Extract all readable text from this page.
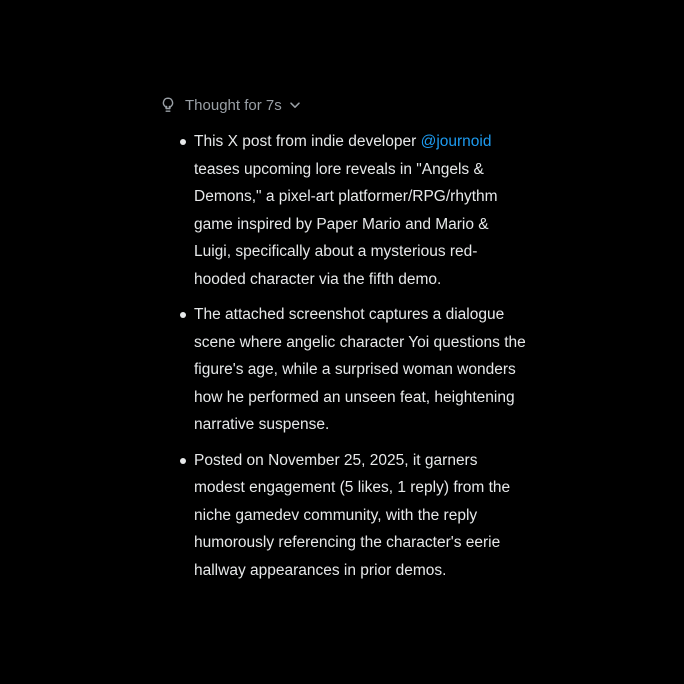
Thought for 7s
This X post from indie developer @journoid teases upcoming lore reveals in "Angels & Demons," a pixel-art platformer/RPG/rhythm game inspired by Paper Mario and Mario & Luigi, specifically about a mysterious red-hooded character via the fifth demo.
The attached screenshot captures a dialogue scene where angelic character Yoi questions the figure's age, while a surprised woman wonders how he performed an unseen feat, heightening narrative suspense.
Posted on November 25, 2025, it garners modest engagement (5 likes, 1 reply) from the niche gamedev community, with the reply humorously referencing the character's eerie hallway appearances in prior demos.
